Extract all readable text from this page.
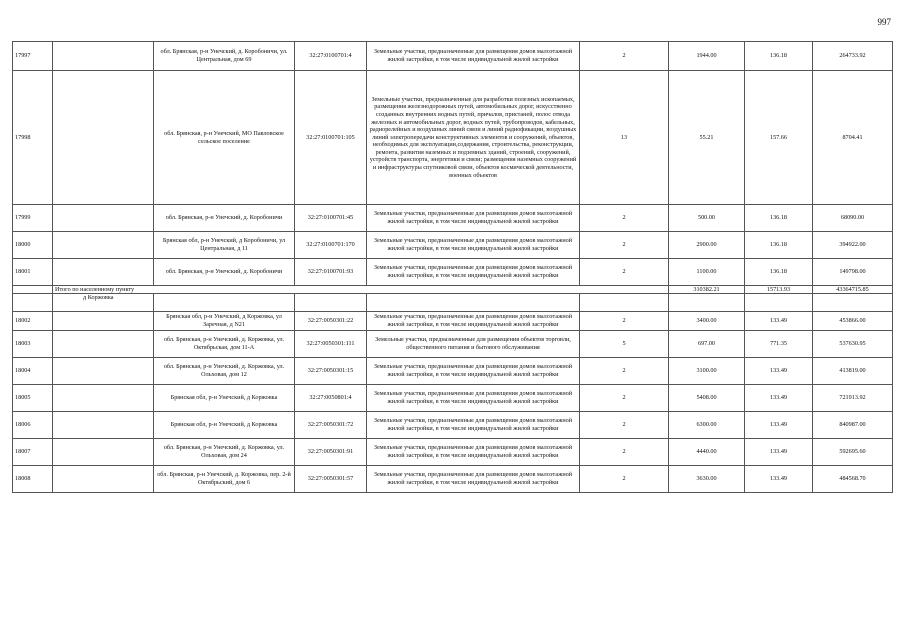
997
17997		обл. Брянская, р-н Унечский, д. Коробоничи, ул. Центральная, дом 69	32:27:0100701:4	Земельные участки, предназначенные для размещения домов малоэтажной жилой застройки, в том числе индивидуальной жилой застройки	2	1944.00	136.18	264733.92
17998		обл. Брянская, р-н Унечский, МО Павловское сельское поселение	32:27:0100701:105	Земельные участки, предназначенные для разработки полезных ископаемых, размещения железнодорожных путей, автомобильных дорог, искусственно созданных внутренних водных путей, причалов, пристаней, полос отвода железных и автомобильных дорог, водных путей, трубопроводов, кабельных, радиорелейных и воздушных линий связи и линий радиофикации, воздушных линий электропередачи конструктивных элементов и сооружений, объектов, необходимых для эксплуатации,содержания, строительства, реконструкции, ремонта, развития наземных и подземных зданий, строений, сооружений, устройств транспорта, энергетики и связи; размещения наземных сооружений и инфраструктуры спутниковой связи, объектов космической деятельности, военных объектов	13	55.21	157.66	8704.41
17999		обл. Брянская, р-н Унечский, д. Коробоничи	32:27:0100701:45	Земельные участки, предназначенные для размещения домов малоэтажной жилой застройки, в том числе индивидуальной жилой застройки	2	500.00	136.18	68090.00
18000		Брянская обл, р-н Унечский, д Коробоничи, ул Центральная, д 11	32:27:0100701:170	Земельные участки, предназначенные для размещения домов малоэтажной жилой застройки, в том числе индивидуальной жилой застройки	2	2900.00	136.18	394922.00
18001		обл. Брянская, р-н Унечский, д. Коробоничи	32:27:0100701:93	Земельные участки, предназначенные для размещения домов малоэтажной жилой застройки, в том числе индивидуальной жилой застройки	2	1100.00	136.18	149798.00
	Итого по населенному пункту					310382.21	15713.93	43364715.85
	д Коржовка							
18002		Брянская обл, р-н Унечский, д Коржовка, ул Заречная, д N21	32:27:0050301:22	Земельные участки, предназначенные для размещения домов малоэтажной жилой застройки, в том числе индивидуальной жилой застройки	2	3400.00	133.49	453866.00
18003		обл. Брянская, р-н Унечский, д. Коржовка, ул. Октябрьская, дом 11-А	32:27:0050301:111	Земельные участки, предназначенные для размещения объектов торговли, общественного питания и бытового обслуживания	5	697.00	771.35	537630.95
18004		обл. Брянская, р-н Унечский, д. Коржовка, ул. Ольховая, дом 12	32:27:0050301:15	Земельные участки, предназначенные для размещения домов малоэтажной жилой застройки, в том числе индивидуальной жилой застройки	2	3100.00	133.49	413819.00
18005		Брянская обл, р-н Унечский, д Коржовка	32:27:0050801:4	Земельные участки, предназначенные для размещения домов малоэтажной жилой застройки, в том числе индивидуальной жилой застройки	2	5408.00	133.49	721913.92
18006		Брянская обл, р-н Унечский, д Коржовка	32:27:0050301:72	Земельные участки, предназначенные для размещения домов малоэтажной жилой застройки, в том числе индивидуальной жилой застройки	2	6300.00	133.49	840987.00
18007		обл. Брянская, р-н Унечский, д. Коржовка, ул. Ольховая, дом 24	32:27:0050301:91	Земельные участки, предназначенные для размещения домов малоэтажной жилой застройки, в том числе индивидуальной жилой застройки	2	4440.00	133.49	592695.60
18008		обл. Брянская, р-н Унечский, д. Коржовка, пер. 2-й Октябрьский, дом 6	32:27:0050301:57	Земельные участки, предназначенные для размещения домов малоэтажной жилой застройки, в том числе индивидуальной жилой застройки	2	3630.00	133.49	484568.70
